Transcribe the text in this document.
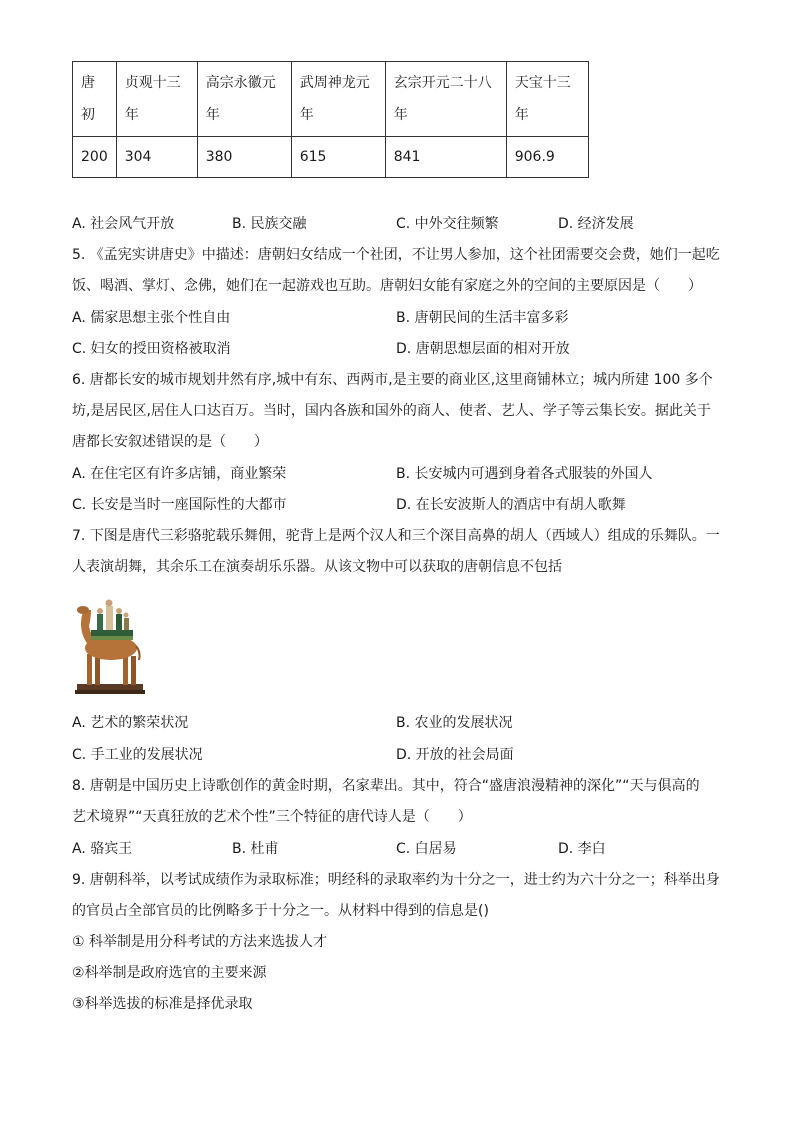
唐初	贞观十三年	高宗永徽元年	武周神龙元年	玄宗开元二十八年	天宝十三年

200	304	380	615	841	906.9
A. 社会风气开放	B. 民族交融	C. 中外交往频繁	D. 经济发展
5. 《孟宪实讲唐史》中描述：唐朝妇女结成一个社团，不让男人参加，这个社团需要交会费，她们一起吃
饭、喝酒、掌灯、念佛，她们在一起游戏也互助。唐朝妇女能有家庭之外的空间的主要原因是（　　）
A. 儒家思想主张个性自由	B. 唐朝民间的生活丰富多彩
C. 妇女的授田资格被取消	D. 唐朝思想层面的相对开放
6. 唐都长安的城市规划井然有序,城中有东、西两市,是主要的商业区,这里商铺林立；城内所建 100 多个
坊,是居民区,居住人口达百万。当时，国内各族和国外的商人、使者、艺人、学子等云集长安。据此关于
唐都长安叙述错误的是（　　）
A. 在住宅区有许多店铺，商业繁荣	B. 长安城内可遇到身着各式服装的外国人
C. 长安是当时一座国际性的大都市	D. 在长安波斯人的酒店中有胡人歌舞
7. 下图是唐代三彩骆驼载乐舞佣，驼背上是两个汉人和三个深目高鼻的胡人（西域人）组成的乐舞队。一
人表演胡舞，其余乐工在演奏胡乐乐器。从该文物中可以获取的唐朝信息不包括
A. 艺术的繁荣状况	B. 农业的发展状况
C. 手工业的发展状况	D. 开放的社会局面
8. 唐朝是中国历史上诗歌创作的黄金时期，名家辈出。其中，符合“盛唐浪漫精神的深化”“天与俱高的
艺术境界”“天真狂放的艺术个性”三个特征的唐代诗人是（　　）
A. 骆宾王	B. 杜甫	C. 白居易	D. 李白
9. 唐朝科举，以考试成绩作为录取标准；明经科的录取率约为十分之一，进士约为六十分之一；科举出身
的官员占全部官员的比例略多于十分之一。从材料中得到的信息是()
① 科举制是用分科考试的方法来选拔人才
②科举制是政府选官的主要来源
③科举选拔的标准是择优录取
